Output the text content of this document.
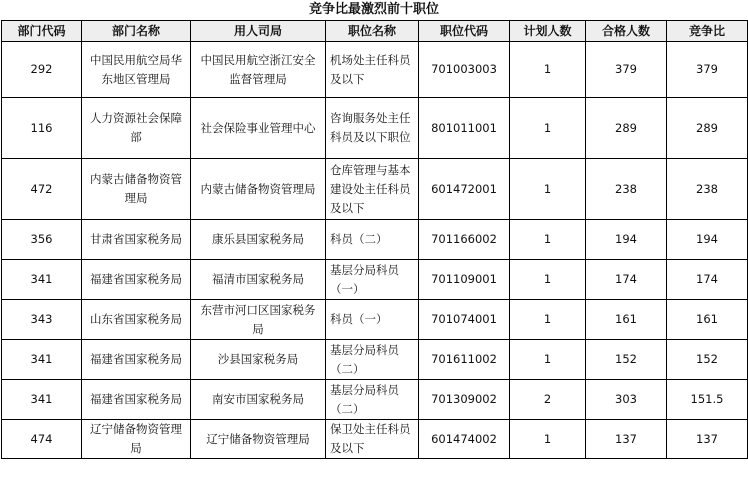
竞争比最激烈前十职位
部门代码	部门名称	用人司局	职位名称	职位代码	计划人数	合格人数	竞争比
292	中国民用航空局华东地区管理局	中国民用航空浙江安全监督管理局	机场处主任科员及以下	701003003	1	379	379
116	人力资源社会保障部	社会保险事业管理中心	咨询服务处主任科员及以下职位	801011001	1	289	289
472	内蒙古储备物资管理局	内蒙古储备物资管理局	仓库管理与基本建设处主任科员及以下	601472001	1	238	238
356	甘肃省国家税务局	康乐县国家税务局	科员（二）	701166002	1	194	194
341	福建省国家税务局	福清市国家税务局	基层分局科员（一）	701109001	1	174	174
343	山东省国家税务局	东营市河口区国家税务局	科员（一）	701074001	1	161	161
341	福建省国家税务局	沙县国家税务局	基层分局科员（二）	701611002	1	152	152
341	福建省国家税务局	南安市国家税务局	基层分局科员（二）	701309002	2	303	151.5
474	辽宁储备物资管理局	辽宁储备物资管理局	保卫处主任科员及以下	601474002	1	137	137
